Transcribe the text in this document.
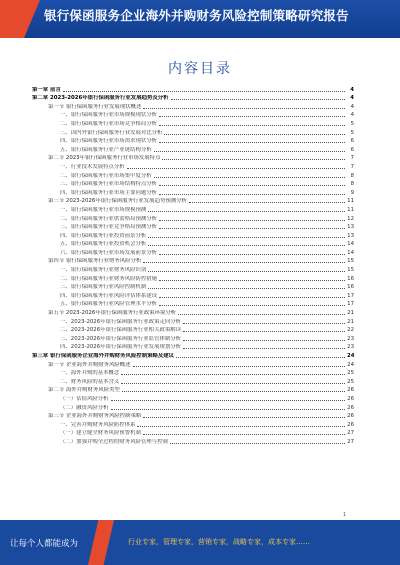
银行保函服务企业海外并购财务风险控制策略研究报告
内容目录
第一章 前言	4
第二章 2023-2026年银行保函服务行业发展趋势及分析	4
第一节 银行保函服务行业发展现状概述	4
一、银行保函服务行业市场规模现状分析	4
二、银行保函服务行业市场竞争格局分析	5
三、国内外银行保函服务行业发展对比分析	5
四、银行保函服务行业市场需求现状分析	6
五、银行保函服务行业产业链结构分析	6
第二节 2023年银行保函服务行业市场发展特点	7
一、行业技术发展特点分析	7
二、银行保函服务行业市场集中度分析	8
三、银行保函服务行业市场结构特点分析	8
四、银行保函服务行业市场主要问题分析	9
第三节 2023-2026年银行保函服务行业发展趋势预测分析	11
一、银行保函服务行业市场规模预测	11
二、银行保函服务行业供需格局预测分析	12
三、银行保函服务行业竞争格局预测分析	13
四、银行保函服务行业投资前景分析	13
五、银行保函服务行业投资机会分析	14
六、银行保函服务行业市场发展前景分析	14
第四节 银行保函服务行业财务风险分析	15
一、银行保函服务行业财务风险识别	15
二、银行保函服务行业财务风险防控措施	16
三、银行保函服务行业风险控制机制	16
四、银行保函服务行业风险评估体系建设	17
五、银行保函服务行业风险管理水平分析	17
第五节 2023-2026年银行保函服务行业政策环境分析	21
一、2023-2026年银行保函服务行业政策走向分析	21
二、2023-2026年银行保函服务行业相关政策解读	22
三、2023-2026年银行保函服务行业监管体制分析	23
四、2023-2026年银行保函服务行业发展规划分析	23
第三章 银行保函服务企业海外并购财务风险控制策略及建议	24
第一节 企业海外并购财务风险概述	24
一、海外并购的基本概念	25
二、财务风险的基本含义	25
第二节 海外并购财务风险类型	26
（一）估值风险分析	26
（二）融资风险分析	26
第三节 企业海外并购财务风险控制策略	26
一、完善并购财务风险防控体系	26
（一）建立健全财务风险预警机制	27
（二）加强并购全过程的财务风险管理与控制	27
1
让每个人都能成为	行业专家，管理专家，营销专家，战略专家，成本专家……
